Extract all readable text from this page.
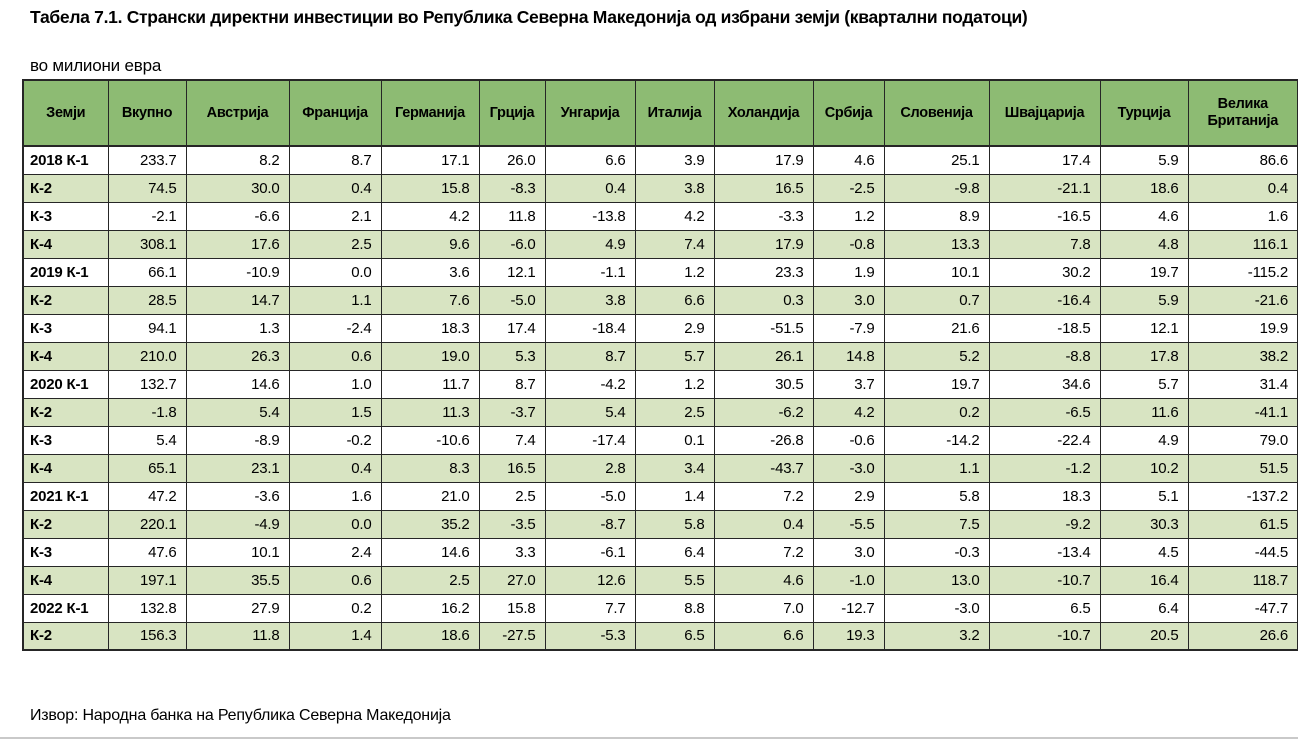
Табела 7.1. Странски директни инвестиции во Република Северна Македонија од избрани земји (квартални податоци)
во милиони евра
Земји	Вкупно	Австрија	Франција	Германија	Грција	Унгарија	Италија	Холандија	Србија	Словенија	Швајцарија	Турција	Велика Британија
2018 К-1	233.7	8.2	8.7	17.1	26.0	6.6	3.9	17.9	4.6	25.1	17.4	5.9	86.6
К-2	74.5	30.0	0.4	15.8	-8.3	0.4	3.8	16.5	-2.5	-9.8	-21.1	18.6	0.4
К-3	-2.1	-6.6	2.1	4.2	11.8	-13.8	4.2	-3.3	1.2	8.9	-16.5	4.6	1.6
К-4	308.1	17.6	2.5	9.6	-6.0	4.9	7.4	17.9	-0.8	13.3	7.8	4.8	116.1
2019 К-1	66.1	-10.9	0.0	3.6	12.1	-1.1	1.2	23.3	1.9	10.1	30.2	19.7	-115.2
К-2	28.5	14.7	1.1	7.6	-5.0	3.8	6.6	0.3	3.0	0.7	-16.4	5.9	-21.6
К-3	94.1	1.3	-2.4	18.3	17.4	-18.4	2.9	-51.5	-7.9	21.6	-18.5	12.1	19.9
К-4	210.0	26.3	0.6	19.0	5.3	8.7	5.7	26.1	14.8	5.2	-8.8	17.8	38.2
2020 К-1	132.7	14.6	1.0	11.7	8.7	-4.2	1.2	30.5	3.7	19.7	34.6	5.7	31.4
К-2	-1.8	5.4	1.5	11.3	-3.7	5.4	2.5	-6.2	4.2	0.2	-6.5	11.6	-41.1
К-3	5.4	-8.9	-0.2	-10.6	7.4	-17.4	0.1	-26.8	-0.6	-14.2	-22.4	4.9	79.0
К-4	65.1	23.1	0.4	8.3	16.5	2.8	3.4	-43.7	-3.0	1.1	-1.2	10.2	51.5
2021 К-1	47.2	-3.6	1.6	21.0	2.5	-5.0	1.4	7.2	2.9	5.8	18.3	5.1	-137.2
К-2	220.1	-4.9	0.0	35.2	-3.5	-8.7	5.8	0.4	-5.5	7.5	-9.2	30.3	61.5
К-3	47.6	10.1	2.4	14.6	3.3	-6.1	6.4	7.2	3.0	-0.3	-13.4	4.5	-44.5
К-4	197.1	35.5	0.6	2.5	27.0	12.6	5.5	4.6	-1.0	13.0	-10.7	16.4	118.7
2022 К-1	132.8	27.9	0.2	16.2	15.8	7.7	8.8	7.0	-12.7	-3.0	6.5	6.4	-47.7
К-2	156.3	11.8	1.4	18.6	-27.5	-5.3	6.5	6.6	19.3	3.2	-10.7	20.5	26.6
Извор: Народна банка на Република Северна Македонија
